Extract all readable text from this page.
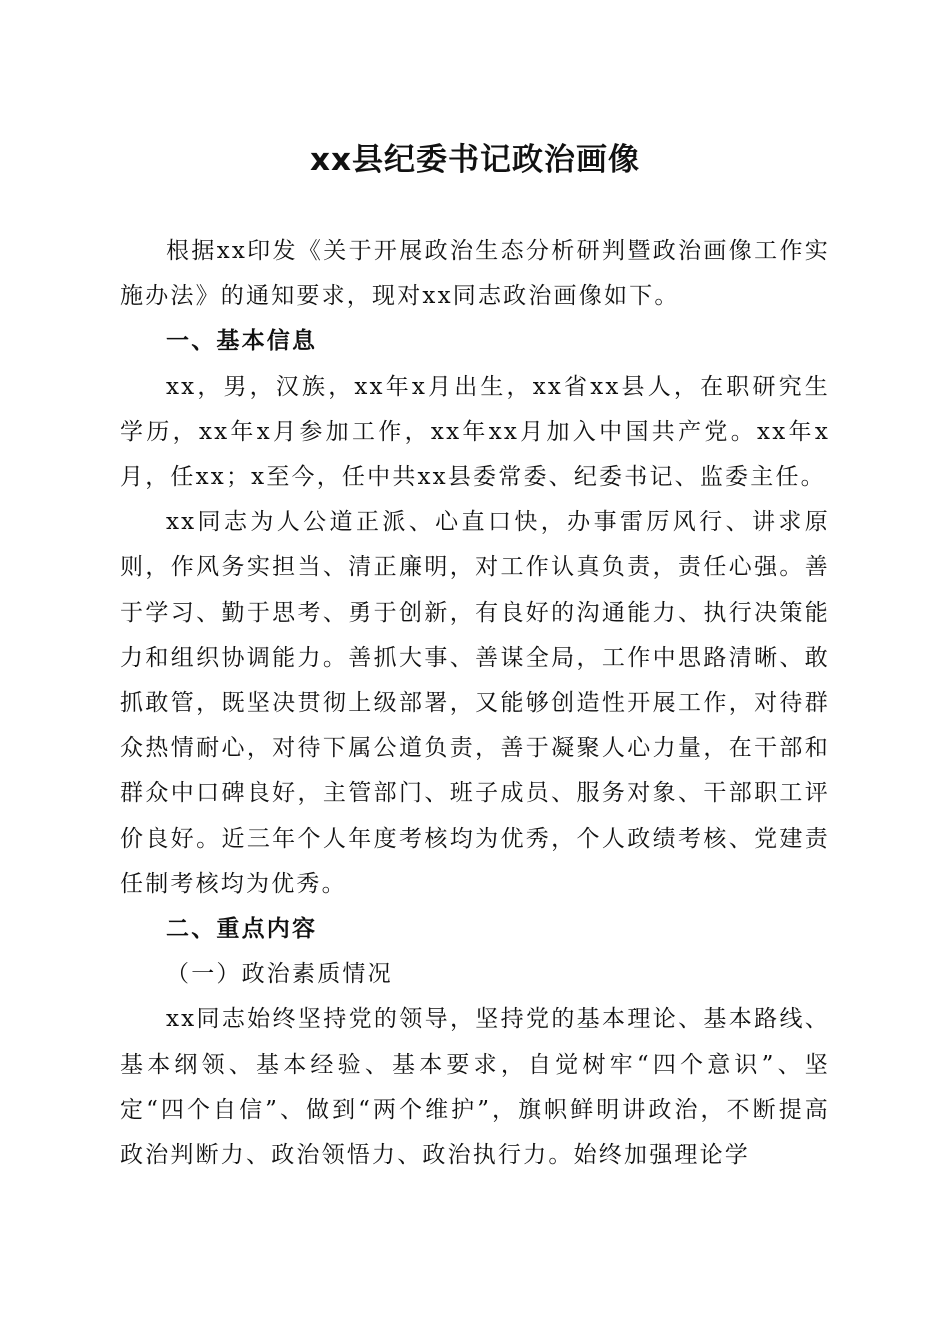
xx县纪委书记政治画像

根据xx印发《关于开展政治生态分析研判暨政治画像工作实施办法》的通知要求，现对xx同志政治画像如下。

一、基本信息

xx，男，汉族，xx年x月出生，xx省xx县人，在职研究生学历，xx年x月参加工作，xx年xx月加入中国共产党。xx年x月，任xx；x至今，任中共xx县委常委、纪委书记、监委主任。

xx同志为人公道正派、心直口快，办事雷厉风行、讲求原则，作风务实担当、清正廉明，对工作认真负责，责任心强。善于学习、勤于思考、勇于创新，有良好的沟通能力、执行决策能力和组织协调能力。善抓大事、善谋全局，工作中思路清晰、敢抓敢管，既坚决贯彻上级部署，又能够创造性开展工作，对待群众热情耐心，对待下属公道负责，善于凝聚人心力量，在干部和群众中口碑良好，主管部门、班子成员、服务对象、干部职工评价良好。近三年个人年度考核均为优秀，个人政绩考核、党建责任制考核均为优秀。

二、重点内容

（一）政治素质情况

xx同志始终坚持党的领导，坚持党的基本理论、基本路线、基本纲领、基本经验、基本要求，自觉树牢“四个意识”、坚定“四个自信”、做到“两个维护”，旗帜鲜明讲政治，不断提高政治判断力、政治领悟力、政治执行力。始终加强理论学
